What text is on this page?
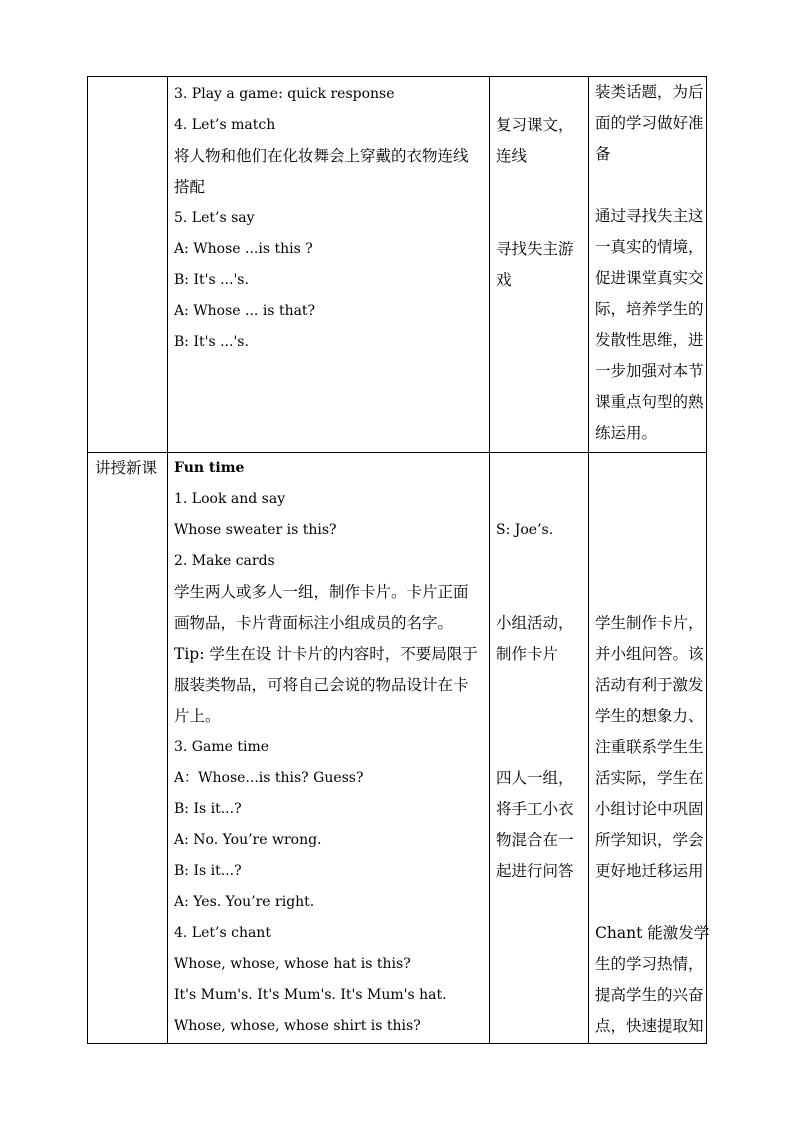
3. Play a game: quick response
4. Let’s match
将人物和他们在化妆舞会上穿戴的衣物连线
搭配
5. Let’s say
A: Whose ...is this ?
B: It's ...'s.
A: Whose ... is that?
B: It's ...'s.

复习课文，
连线

寻找失主游
戏
装类话题，为后
面的学习做好准
备

通过寻找失主这
一真实的情境，
促进课堂真实交
际，培养学生的
发散性思维，进
一步加强对本节
课重点句型的熟
练运用。
讲授新课	Fun time
1. Look and say
Whose sweater is this?
2. Make cards
学生两人或多人一组，制作卡片。卡片正面
画物品，卡片背面标注小组成员的名字。
Tip: 学生在设 计卡片的内容时，不要局限于
服装类物品，可将自己会说的物品设计在卡
片上。
3. Game time
A：Whose...is this? Guess?
B: Is it...?
A: No. You’re wrong.
B: Is it...?
A: Yes. You’re right.
4. Let’s chant
Whose, whose, whose hat is this?
It's Mum's. It's Mum's. It's Mum's hat.
Whose, whose, whose shirt is this?

S: Joe’s.

小组活动，
制作卡片

四人一组，
将手工小衣
物混合在一
起进行问答

学生制作卡片，
并小组问答。该
活动有利于激发
学生的想象力、
注重联系学生生
活实际，学生在
小组讨论中巩固
所学知识，学会
更好地迁移运用

Chant 能激发学
生的学习热情，
提高学生的兴奋
点，快速提取知
